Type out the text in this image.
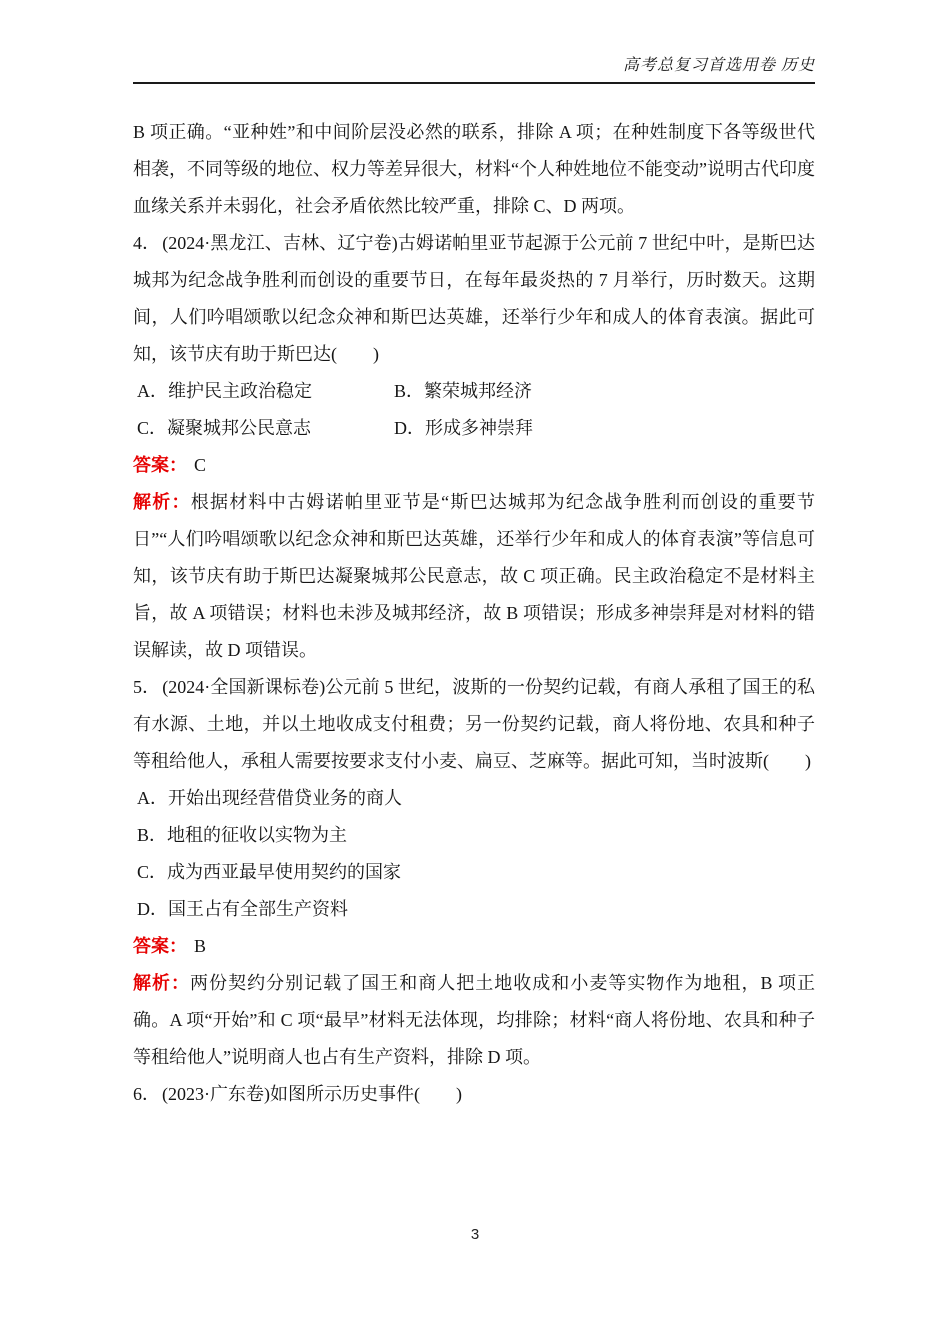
高考总复习首选用卷 历史

B 项正确。“亚种姓”和中间阶层没必然的联系，排除 A 项；在种姓制度下各等级世代相袭，不同等级的地位、权力等差异很大，材料“个人种姓地位不能变动”说明古代印度血缘关系并未弱化，社会矛盾依然比较严重，排除 C、D 两项。

4． (2024·黑龙江、吉林、辽宁卷)古姆诺帕里亚节起源于公元前 7 世纪中叶，是斯巴达城邦为纪念战争胜利而创设的重要节日，在每年最炎热的 7 月举行，历时数天。这期间，人们吟唱颂歌以纪念众神和斯巴达英雄，还举行少年和成人的体育表演。据此可知，该节庆有助于斯巴达(　　)

A．维护民主政治稳定	B．繁荣城邦经济
C．凝聚城邦公民意志	D．形成多神崇拜

答案： C

解析：根据材料中古姆诺帕里亚节是“斯巴达城邦为纪念战争胜利而创设的重要节日”“人们吟唱颂歌以纪念众神和斯巴达英雄，还举行少年和成人的体育表演”等信息可知，该节庆有助于斯巴达凝聚城邦公民意志，故 C 项正确。民主政治稳定不是材料主旨，故 A 项错误；材料也未涉及城邦经济，故 B 项错误；形成多神崇拜是对材料的错误解读，故 D 项错误。

5． (2024·全国新课标卷)公元前 5 世纪，波斯的一份契约记载，有商人承租了国王的私有水源、土地，并以土地收成支付租费；另一份契约记载，商人将份地、农具和种子等租给他人，承租人需要按要求支付小麦、扁豆、芝麻等。据此可知，当时波斯(　　)

A．开始出现经营借贷业务的商人
B．地租的征收以实物为主
C．成为西亚最早使用契约的国家
D．国王占有全部生产资料

答案： B

解析：两份契约分别记载了国王和商人把土地收成和小麦等实物作为地租，B 项正确。A 项“开始”和 C 项“最早”材料无法体现，均排除；材料“商人将份地、农具和种子等租给他人”说明商人也占有生产资料，排除 D 项。

6． (2023·广东卷)如图所示历史事件(　　)

3
